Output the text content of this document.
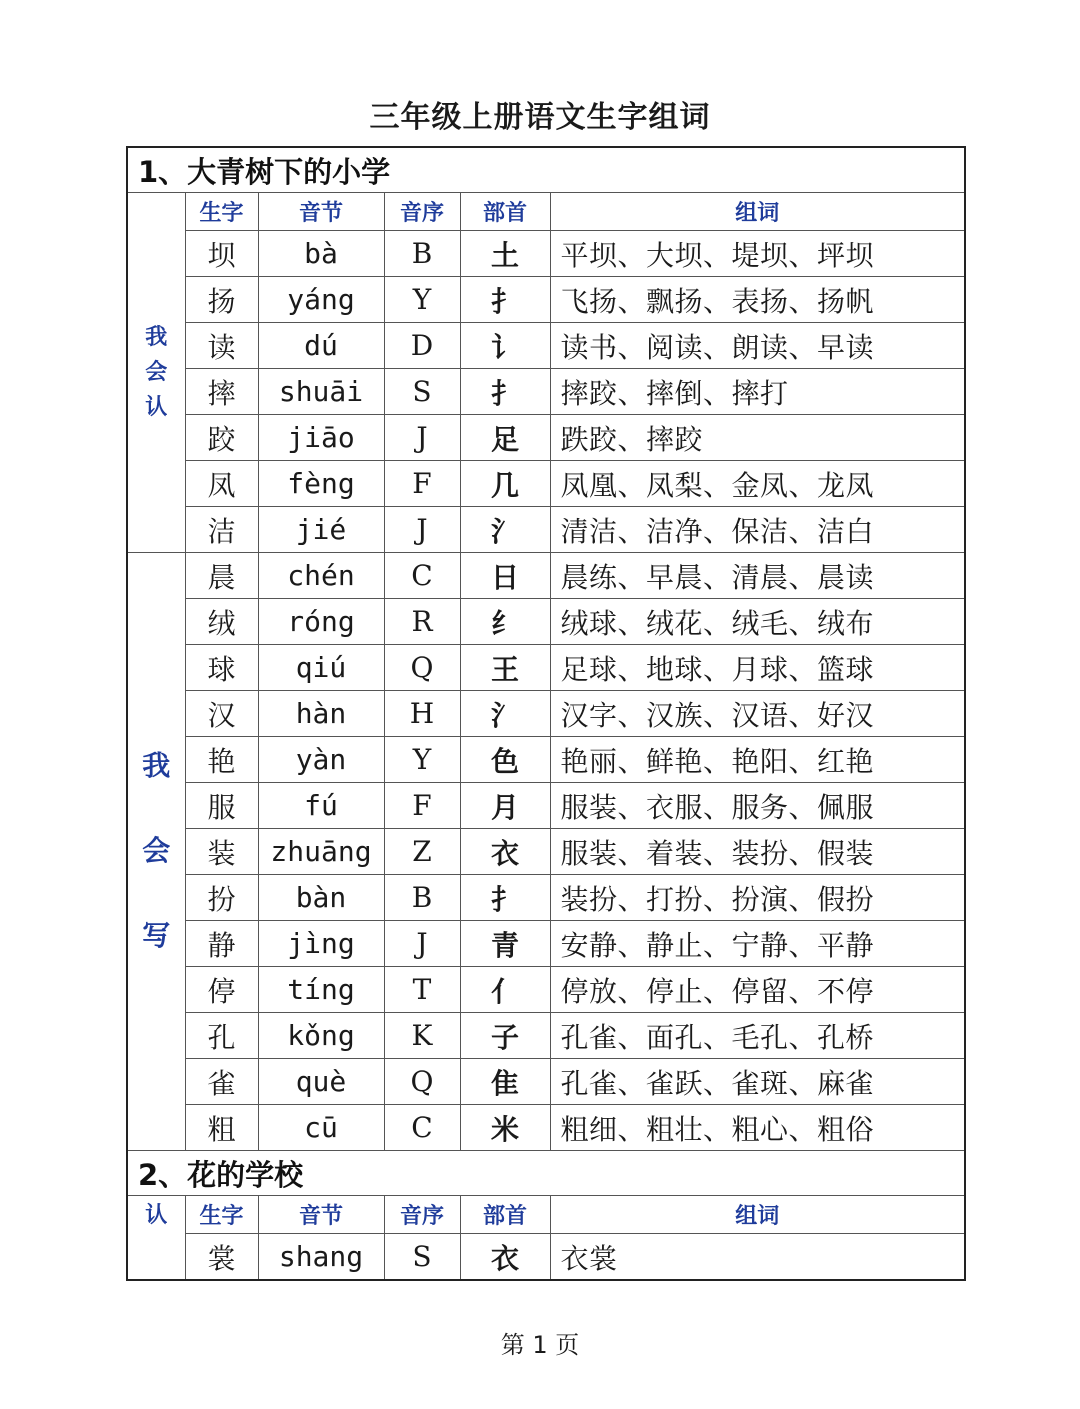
三年级上册语文生字组词
1、大青树下的小学					

我
会
认	生字	音节	音序	部首	组词
	坝	bà	B	土	平坝、大坝、堤坝、坪坝
	扬	yáng	Y	扌	飞扬、飘扬、表扬、扬帆
	读	dú	D	讠	读书、阅读、朗读、早读
	摔	shuāi	S	扌	摔跤、摔倒、摔打
	跤	jiāo	J	足	跌跤、摔跤
	凤	fèng	F	几	凤凰、凤梨、金凤、龙凤
	洁	jié	J	氵	清洁、洁净、保洁、洁白

我
会
写	晨	chén	C	日	晨练、早晨、清晨、晨读
	绒	róng	R	纟	绒球、绒花、绒毛、绒布
	球	qiú	Q	王	足球、地球、月球、篮球
	汉	hàn	H	氵	汉字、汉族、汉语、好汉
	艳	yàn	Y	色	艳丽、鲜艳、艳阳、红艳
	服	fú	F	月	服装、衣服、服务、佩服
	装	zhuāng	Z	衣	服装、着装、装扮、假装
	扮	bàn	B	扌	装扮、打扮、扮演、假扮
	静	jìng	J	青	安静、静止、宁静、平静
	停	tíng	T	亻	停放、停止、停留、不停
	孔	kǒng	K	子	孔雀、面孔、毛孔、孔桥
	雀	què	Q	隹	孔雀、雀跃、雀斑、麻雀
	粗	cū	C	米	粗细、粗壮、粗心、粗俗
2、花的学校					
认	生字	音节	音序	部首	组词
	裳	shang	S	衣	衣裳
第 1 页
